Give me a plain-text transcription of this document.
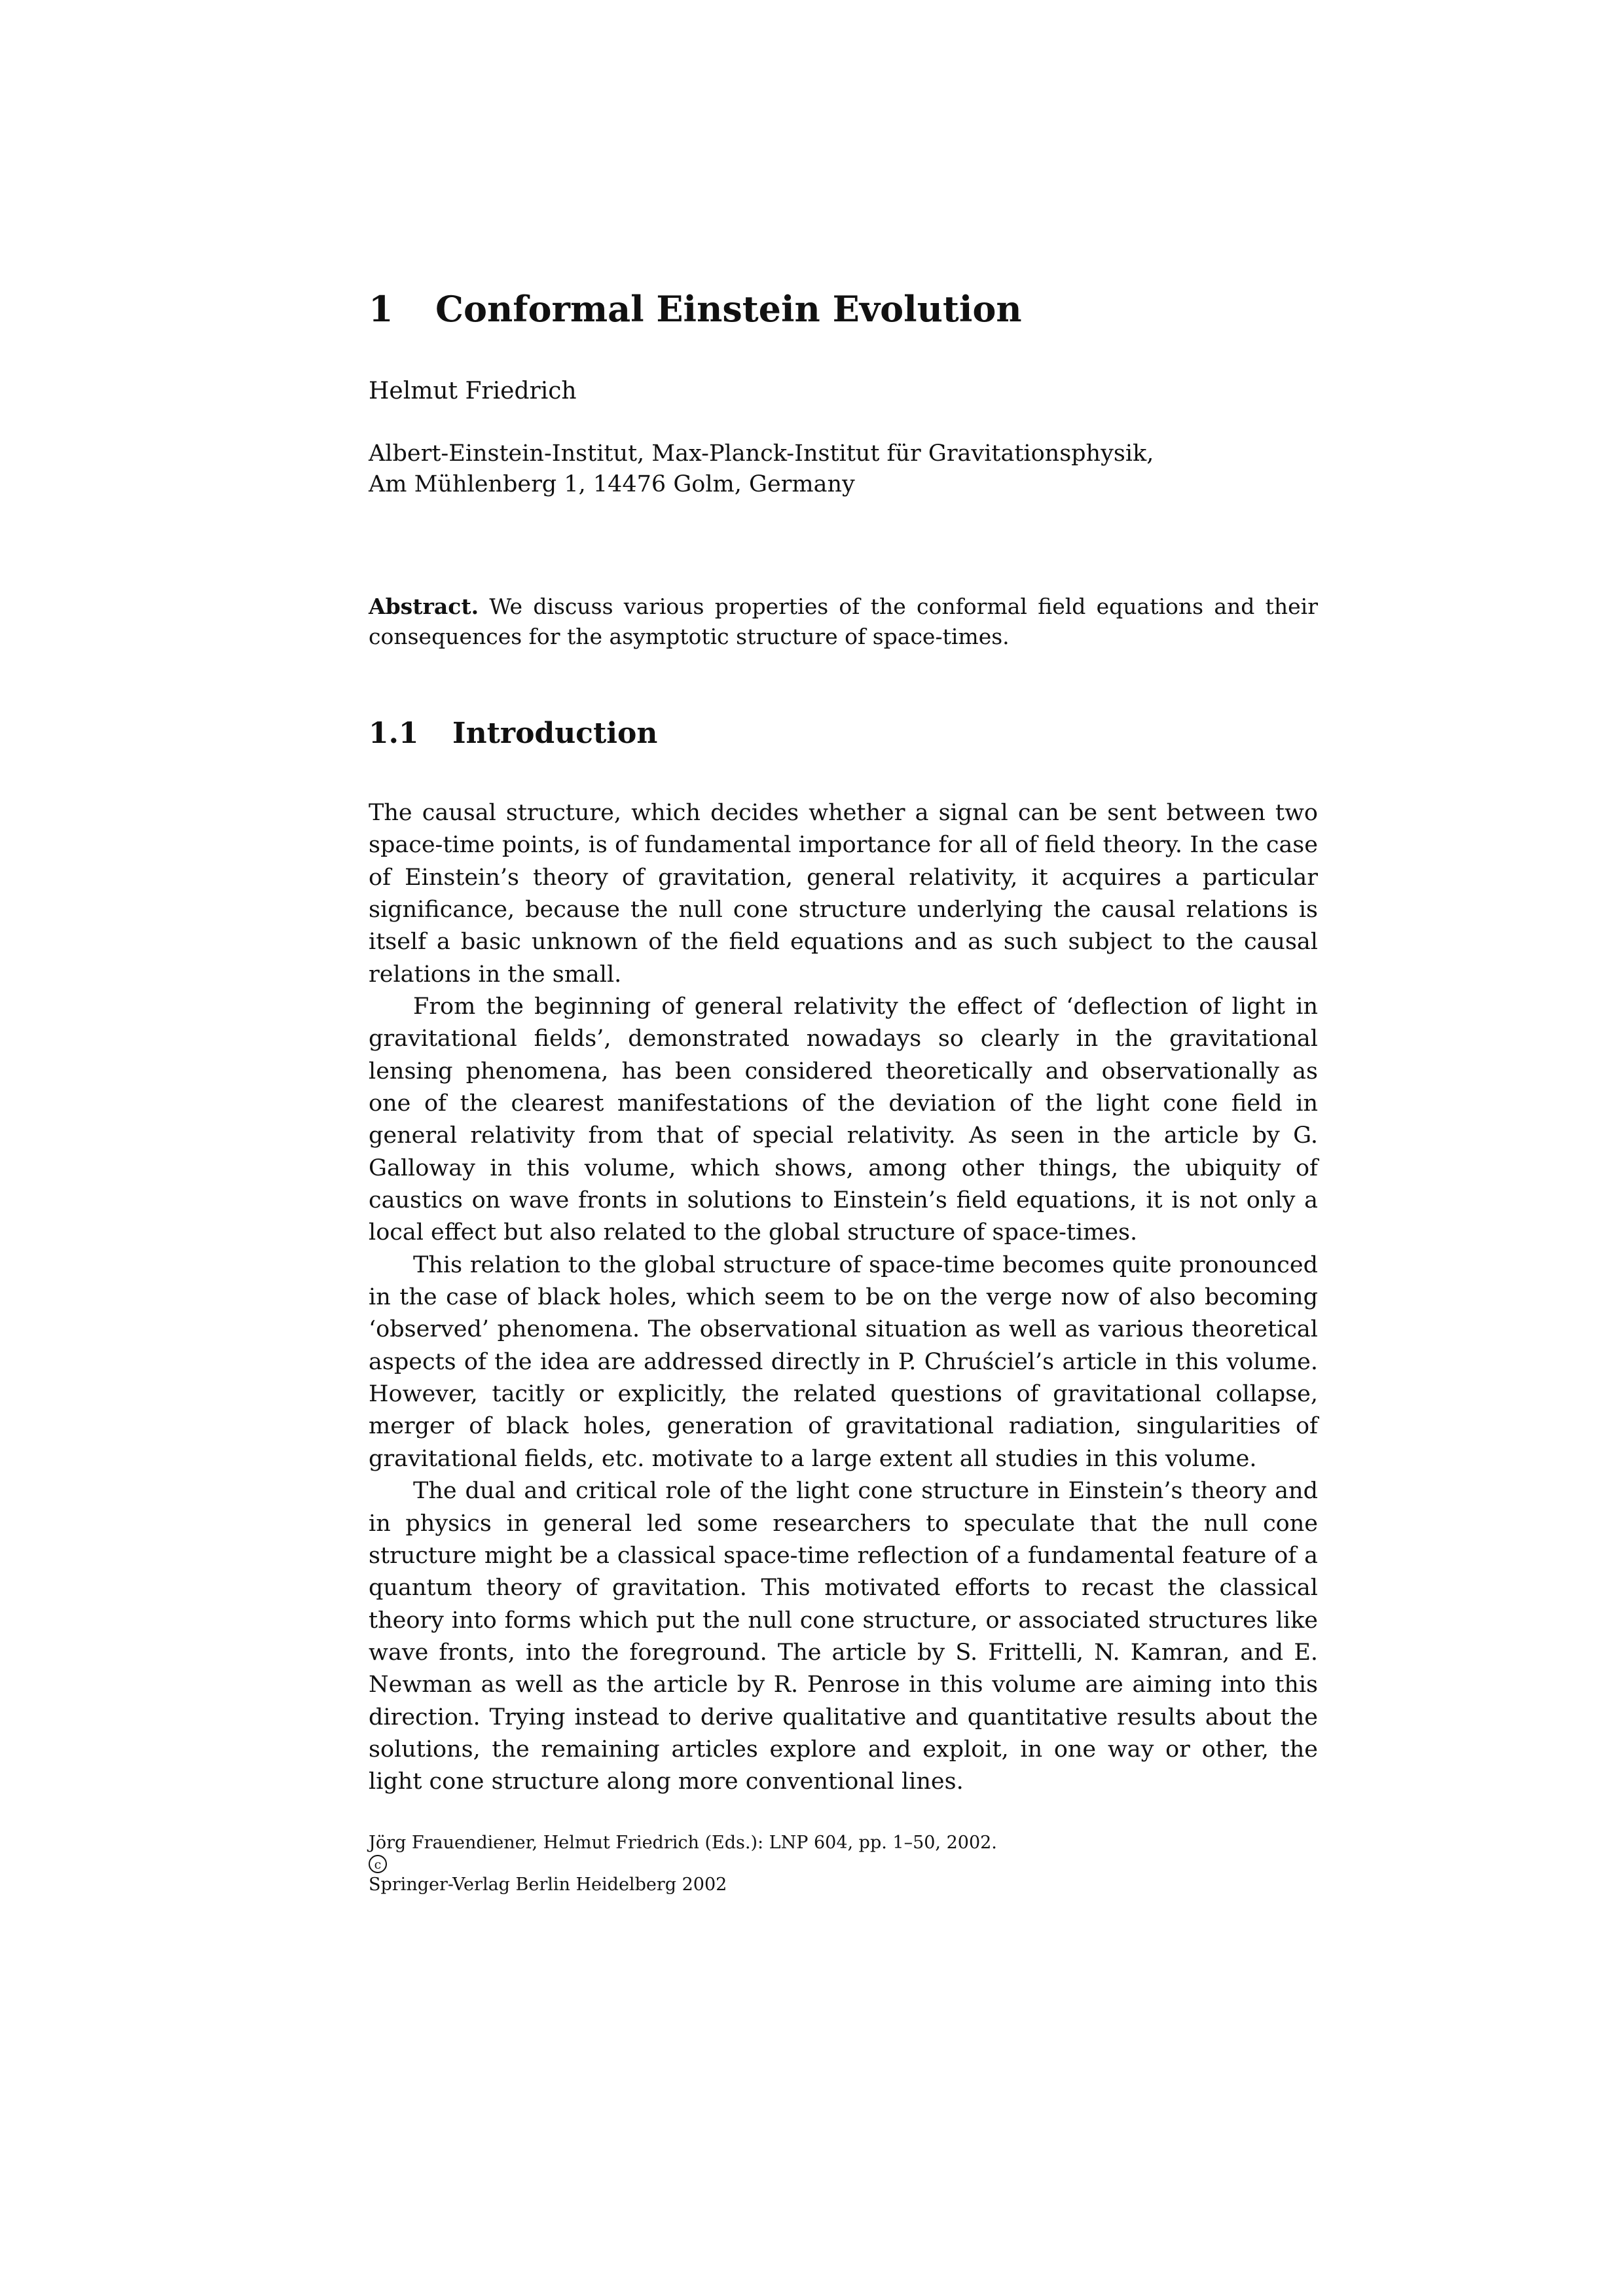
1	Conformal Einstein Evolution
Helmut Friedrich
Albert-Einstein-Institut, Max-Planck-Institut für Gravitationsphysik,
Am Mühlenberg 1, 14476 Golm, Germany

Abstract. We discuss various properties of the conformal field equations and their consequences for the asymptotic structure of space-times.

1.1	Introduction

The causal structure, which decides whether a signal can be sent between two space-time points, is of fundamental importance for all of field theory. In the case of Einstein’s theory of gravitation, general relativity, it acquires a particular significance, because the null cone structure underlying the causal relations is itself a basic unknown of the field equations and as such subject to the causal relations in the small.

From the beginning of general relativity the effect of ‘deflection of light in gravitational fields’, demonstrated nowadays so clearly in the gravitational lensing phenomena, has been considered theoretically and observationally as one of the clearest manifestations of the deviation of the light cone field in general relativity from that of special relativity. As seen in the article by G. Galloway in this volume, which shows, among other things, the ubiquity of caustics on wave fronts in solutions to Einstein’s field equations, it is not only a local effect but also related to the global structure of space-times.

This relation to the global structure of space-time becomes quite pronounced in the case of black holes, which seem to be on the verge now of also becoming ‘observed’ phenomena. The observational situation as well as various theoretical aspects of the idea are addressed directly in P. Chruściel’s article in this volume. However, tacitly or explicitly, the related questions of gravitational collapse, merger of black holes, generation of gravitational radiation, singularities of gravitational fields, etc. motivate to a large extent all studies in this volume.

The dual and critical role of the light cone structure in Einstein’s theory and in physics in general led some researchers to speculate that the null cone structure might be a classical space-time reflection of a fundamental feature of a quantum theory of gravitation. This motivated efforts to recast the classical theory into forms which put the null cone structure, or associated structures like wave fronts, into the foreground. The article by S. Frittelli, N. Kamran, and E. Newman as well as the article by R. Penrose in this volume are aiming into this direction. Trying instead to derive qualitative and quantitative results about the solutions, the remaining articles explore and exploit, in one way or other, the light cone structure along more conventional lines.

Jörg Frauendiener, Helmut Friedrich (Eds.): LNP 604, pp. 1–50, 2002.
c
Springer-Verlag Berlin Heidelberg 2002
